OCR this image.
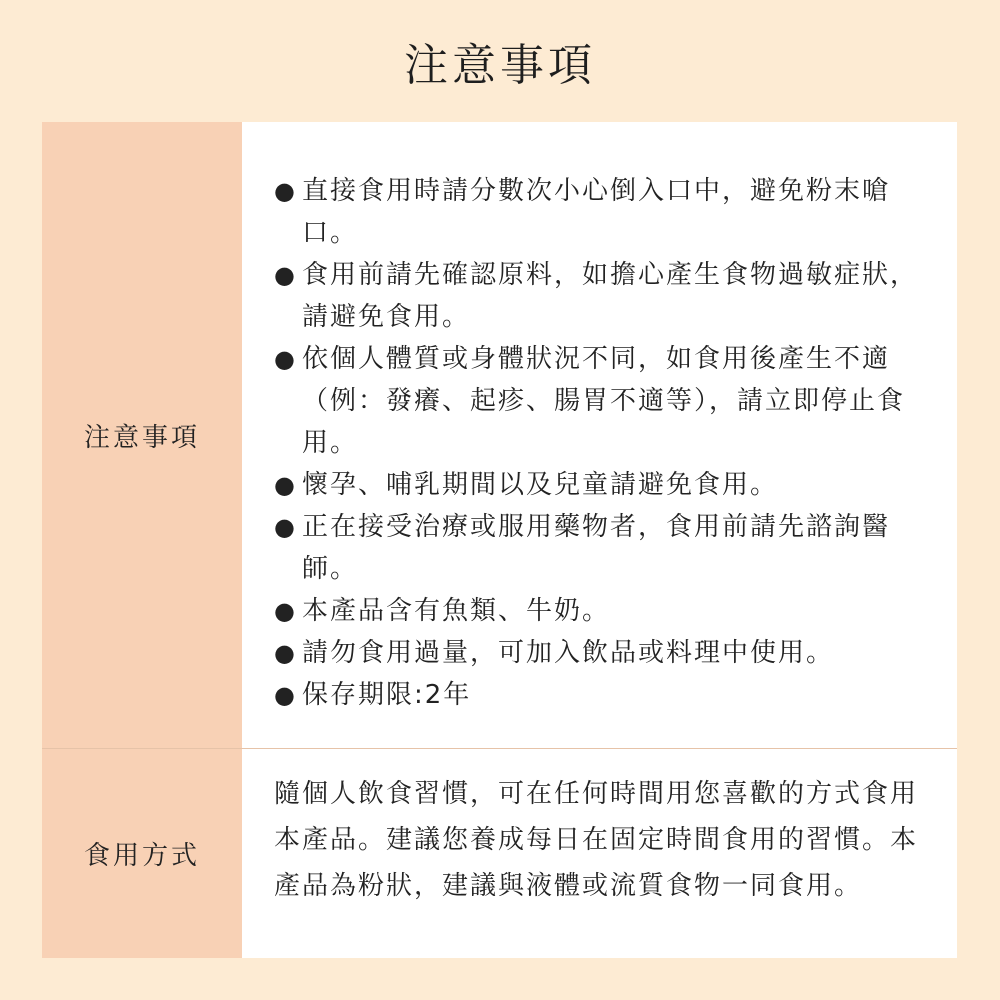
注意事項
注意事項
● 直接食用時請分數次小心倒入口中，避免粉末嗆口。
● 食用前請先確認原料，如擔心產生食物過敏症狀，請避免食用。
● 依個人體質或身體狀況不同，如食用後產生不適（例：發癢、起疹、腸胃不適等），請立即停止食用。
● 懷孕、哺乳期間以及兒童請避免食用。
● 正在接受治療或服用藥物者，食用前請先諮詢醫師。
● 本產品含有魚類、牛奶。
● 請勿食用過量，可加入飲品或料理中使用。
● 保存期限:2年
食用方式

隨個人飲食習慣，可在任何時間用您喜歡的方式食用本產品。建議您養成每日在固定時間食用的習慣。本產品為粉狀，建議與液體或流質食物一同食用。
